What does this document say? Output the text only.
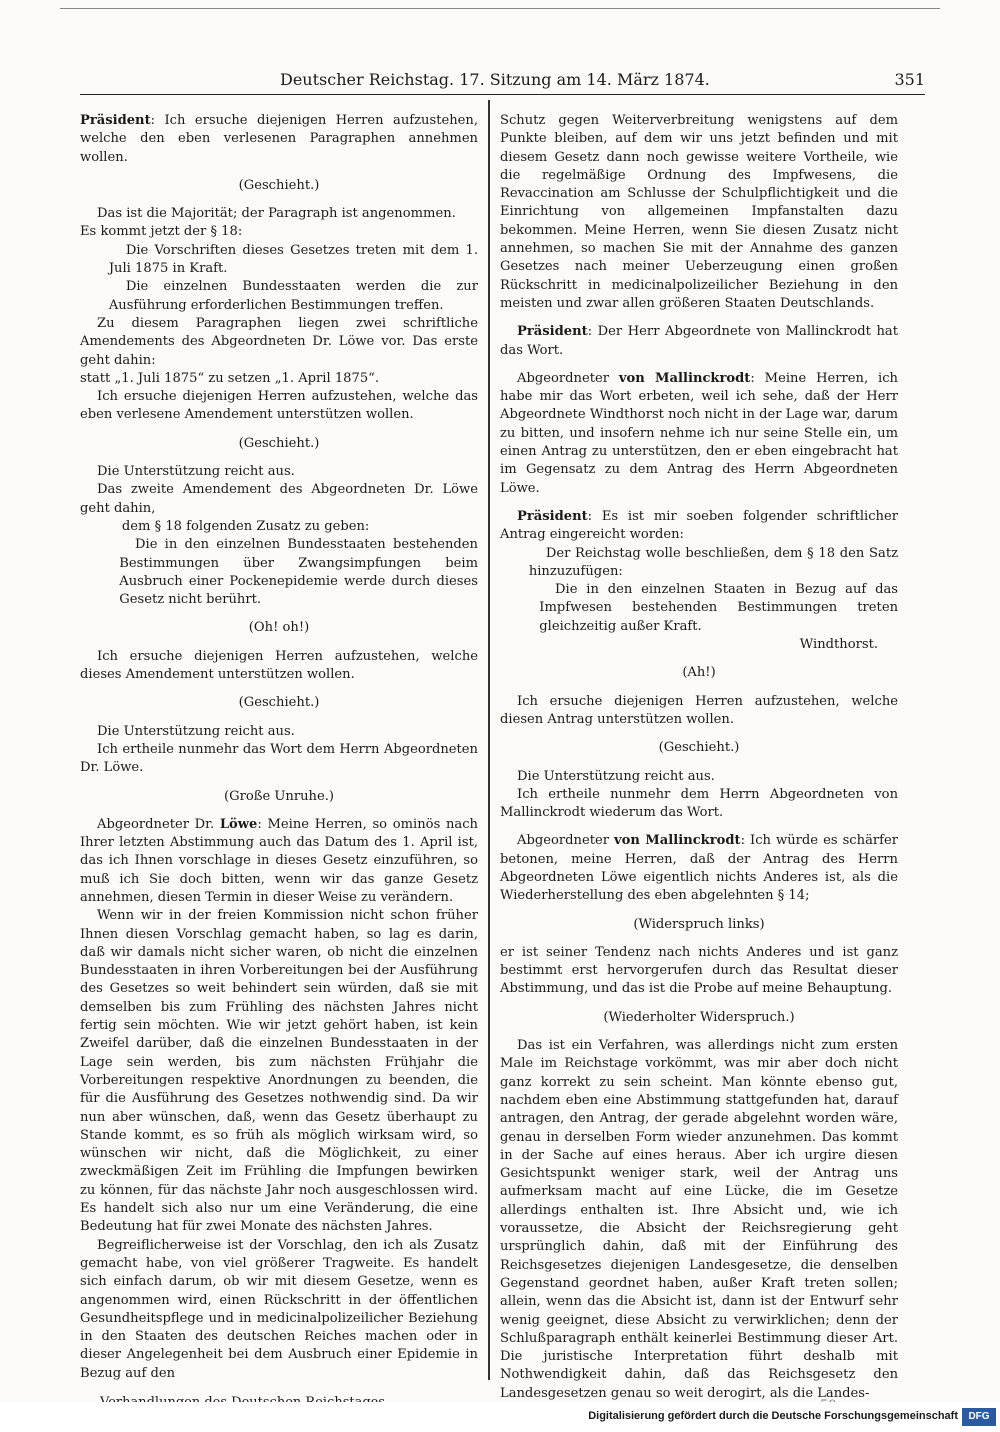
Deutscher Reichstag. 17. Sitzung am 14. März 1874.	351

Präsident: Ich ersuche diejenigen Herren aufzustehen, welche den eben verlesenen Paragraphen annehmen wollen.

(Geschieht.)

Das ist die Majorität; der Paragraph ist angenommen.

Es kommt jetzt der § 18:

Die Vorschriften dieses Gesetzes treten mit dem 1. Juli 1875 in Kraft.

Die einzelnen Bundesstaaten werden die zur Ausführung erforderlichen Bestimmungen treffen.

Zu diesem Paragraphen liegen zwei schriftliche Amendements des Abgeordneten Dr. Löwe vor. Das erste geht dahin:

statt „1. Juli 1875“ zu setzen „1. April 1875“.

Ich ersuche diejenigen Herren aufzustehen, welche das eben verlesene Amendement unterstützen wollen.

(Geschieht.)

Die Unterstützung reicht aus.

Das zweite Amendement des Abgeordneten Dr. Löwe geht dahin,

dem § 18 folgenden Zusatz zu geben:

Die in den einzelnen Bundesstaaten bestehenden Bestimmungen über Zwangsimpfungen beim Ausbruch einer Pockenepidemie werde durch dieses Gesetz nicht berührt.

(Oh! oh!)

Ich ersuche diejenigen Herren aufzustehen, welche dieses Amendement unterstützen wollen.

(Geschieht.)

Die Unterstützung reicht aus.

Ich ertheile nunmehr das Wort dem Herrn Abgeordneten Dr. Löwe.

(Große Unruhe.)

Abgeordneter Dr. Löwe: Meine Herren, so ominös nach Ihrer letzten Abstimmung auch das Datum des 1. April ist, das ich Ihnen vorschlage in dieses Gesetz einzuführen, so muß ich Sie doch bitten, wenn wir das ganze Gesetz annehmen, diesen Termin in dieser Weise zu verändern.

Wenn wir in der freien Kommission nicht schon früher Ihnen diesen Vorschlag gemacht haben, so lag es darin, daß wir damals nicht sicher waren, ob nicht die einzelnen Bundesstaaten in ihren Vorbereitungen bei der Ausführung des Gesetzes so weit behindert sein würden, daß sie mit demselben bis zum Frühling des nächsten Jahres nicht fertig sein möchten. Wie wir jetzt gehört haben, ist kein Zweifel darüber, daß die einzelnen Bundesstaaten in der Lage sein werden, bis zum nächsten Frühjahr die Vorbereitungen respektive Anordnungen zu beenden, die für die Ausführung des Gesetzes nothwendig sind. Da wir nun aber wünschen, daß, wenn das Gesetz überhaupt zu Stande kommt, es so früh als möglich wirksam wird, so wünschen wir nicht, daß die Möglichkeit, zu einer zweckmäßigen Zeit im Frühling die Impfungen bewirken zu können, für das nächste Jahr noch ausgeschlossen wird. Es handelt sich also nur um eine Veränderung, die eine Bedeutung hat für zwei Monate des nächsten Jahres.

Begreiflicherweise ist der Vorschlag, den ich als Zusatz gemacht habe, von viel größerer Tragweite. Es handelt sich einfach darum, ob wir mit diesem Gesetze, wenn es angenommen wird, einen Rückschritt in der öffentlichen Gesundheitspflege und in medicinalpolizeilicher Beziehung in den Staaten des deutschen Reiches machen oder in dieser Angelegenheit bei dem Ausbruch einer Epidemie in Bezug auf den

Schutz gegen Weiterverbreitung wenigstens auf dem Punkte bleiben, auf dem wir uns jetzt befinden und mit diesem Gesetz dann noch gewisse weitere Vortheile, wie die regelmäßige Ordnung des Impfwesens, die Revaccination am Schlusse der Schulpflichtigkeit und die Einrichtung von allgemeinen Impfanstalten dazu bekommen. Meine Herren, wenn Sie diesen Zusatz nicht annehmen, so machen Sie mit der Annahme des ganzen Gesetzes nach meiner Ueberzeugung einen großen Rückschritt in medicinalpolizeilicher Beziehung in den meisten und zwar allen größeren Staaten Deutschlands.

Präsident: Der Herr Abgeordnete von Mallinckrodt hat das Wort.

Abgeordneter von Mallinckrodt: Meine Herren, ich habe mir das Wort erbeten, weil ich sehe, daß der Herr Abgeordnete Windthorst noch nicht in der Lage war, darum zu bitten, und insofern nehme ich nur seine Stelle ein, um einen Antrag zu unterstützen, den er eben eingebracht hat im Gegensatz zu dem Antrag des Herrn Abgeordneten Löwe.

Präsident: Es ist mir soeben folgender schriftlicher Antrag eingereicht worden:

Der Reichstag wolle beschließen, dem § 18 den Satz hinzuzufügen:

Die in den einzelnen Staaten in Bezug auf das Impfwesen bestehenden Bestimmungen treten gleichzeitig außer Kraft.

Windthorst.

(Ah!)

Ich ersuche diejenigen Herren aufzustehen, welche diesen Antrag unterstützen wollen.

(Geschieht.)

Die Unterstützung reicht aus.

Ich ertheile nunmehr dem Herrn Abgeordneten von Mallinckrodt wiederum das Wort.

Abgeordneter von Mallinckrodt: Ich würde es schärfer betonen, meine Herren, daß der Antrag des Herrn Abgeordneten Löwe eigentlich nichts Anderes ist, als die Wiederherstellung des eben abgelehnten § 14;

(Widerspruch links)

er ist seiner Tendenz nach nichts Anderes und ist ganz bestimmt erst hervorgerufen durch das Resultat dieser Abstimmung, und das ist die Probe auf meine Behauptung.

(Wiederholter Widerspruch.)

Das ist ein Verfahren, was allerdings nicht zum ersten Male im Reichstage vorkömmt, was mir aber doch nicht ganz korrekt zu sein scheint. Man könnte ebenso gut, nachdem eben eine Abstimmung stattgefunden hat, darauf antragen, den Antrag, der gerade abgelehnt worden wäre, genau in derselben Form wieder anzunehmen. Das kommt in der Sache auf eines heraus. Aber ich urgire diesen Gesichtspunkt weniger stark, weil der Antrag uns aufmerksam macht auf eine Lücke, die im Gesetze allerdings enthalten ist. Ihre Absicht und, wie ich voraussetze, die Absicht der Reichsregierung geht ursprünglich dahin, daß mit der Einführung des Reichsgesetzes diejenigen Landesgesetze, die denselben Gegenstand geordnet haben, außer Kraft treten sollen; allein, wenn das die Absicht ist, dann ist der Entwurf sehr wenig geeignet, diese Absicht zu verwirklichen; denn der Schlußparagraph enthält keinerlei Bestimmung dieser Art. Die juristische Interpretation führt deshalb mit Nothwendigkeit dahin, daß das Reichsgesetz den Landesgesetzen genau so weit derogirt, als die Landes-

Digitalisierung gefördert durch die Deutsche Forschungsgemeinschaft	DFG
